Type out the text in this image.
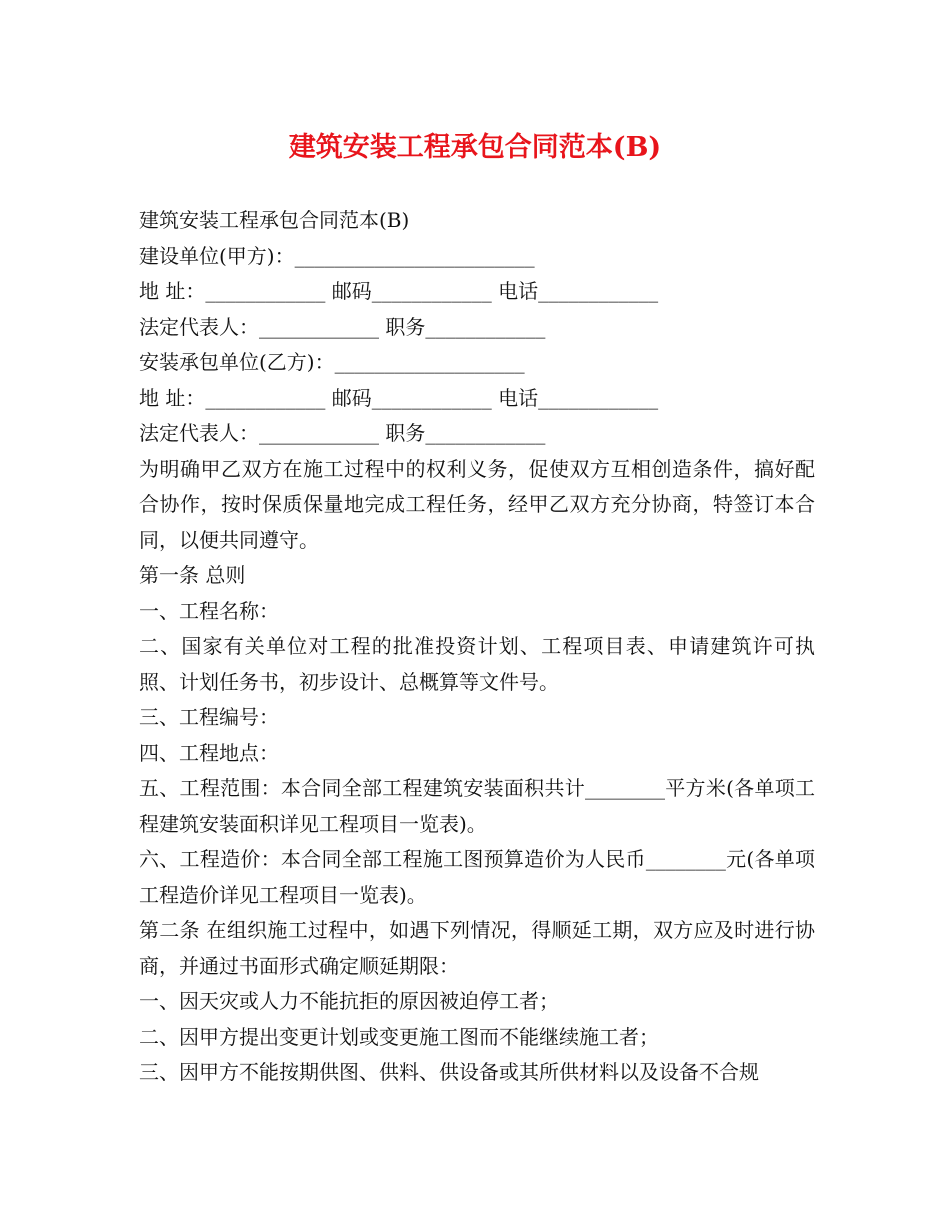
建筑安装工程承包合同范本(B)
建筑安装工程承包合同范本(B)
建设单位(甲方)：________________________
地 址：____________ 邮码____________ 电话____________
法定代表人：____________ 职务____________
安装承包单位(乙方)：___________________
地 址：____________ 邮码____________ 电话____________
法定代表人：____________ 职务____________
为明确甲乙双方在施工过程中的权利义务，促使双方互相创造条件，搞好配合协作，按时保质保量地完成工程任务，经甲乙双方充分协商，特签订本合同，以便共同遵守。
第一条 总则
一、工程名称：
二、国家有关单位对工程的批准投资计划、工程项目表、申请建筑许可执照、计划任务书，初步设计、总概算等文件号。
三、工程编号：
四、工程地点：
五、工程范围：本合同全部工程建筑安装面积共计________平方米(各单项工程建筑安装面积详见工程项目一览表)。
六、工程造价：本合同全部工程施工图预算造价为人民币________元(各单项工程造价详见工程项目一览表)。
第二条 在组织施工过程中，如遇下列情况，得顺延工期，双方应及时进行协商，并通过书面形式确定顺延期限：
一、因天灾或人力不能抗拒的原因被迫停工者；
二、因甲方提出变更计划或变更施工图而不能继续施工者；
三、因甲方不能按期供图、供料、供设备或其所供材料以及设备不合规
